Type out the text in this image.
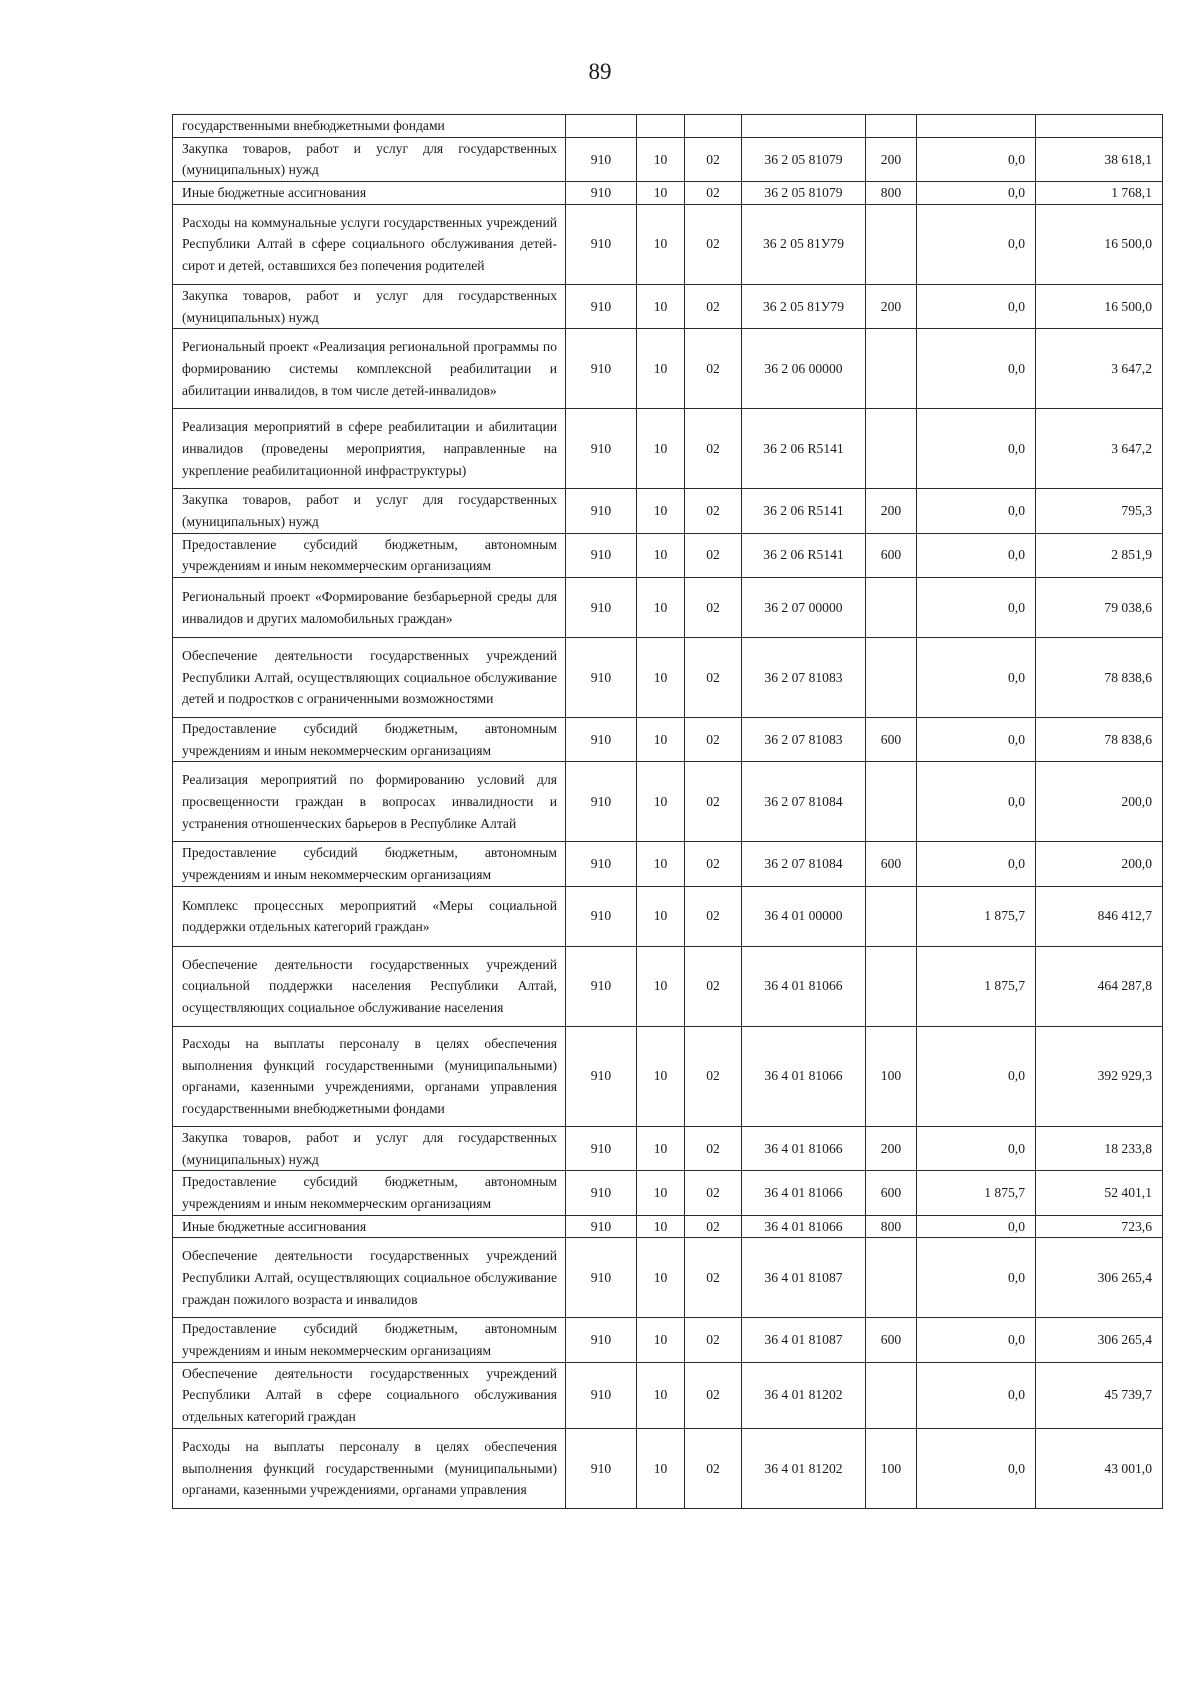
89
государственными внебюджетными фондами							
Закупка товаров, работ и услуг для государственных (муниципальных) нужд	910	10	02	36 2 05 81079	200	0,0	38 618,1
Иные бюджетные ассигнования	910	10	02	36 2 05 81079	800	0,0	1 768,1
Расходы на коммунальные услуги государственных учреждений Республики Алтай в сфере социального обслуживания детей-сирот и детей, оставшихся без попечения родителей	910	10	02	36 2 05 81У79		0,0	16 500,0
Закупка товаров, работ и услуг для государственных (муниципальных) нужд	910	10	02	36 2 05 81У79	200	0,0	16 500,0
Региональный проект «Реализация региональной программы по формированию системы комплексной реабилитации и абилитации инвалидов, в том числе детей-инвалидов»	910	10	02	36 2 06 00000		0,0	3 647,2
Реализация мероприятий в сфере реабилитации и абилитации инвалидов (проведены мероприятия, направленные на укрепление реабилитационной инфраструктуры)	910	10	02	36 2 06 R5141		0,0	3 647,2
Закупка товаров, работ и услуг для государственных (муниципальных) нужд	910	10	02	36 2 06 R5141	200	0,0	795,3
Предоставление субсидий бюджетным, автономным учреждениям и иным некоммерческим организациям	910	10	02	36 2 06 R5141	600	0,0	2 851,9
Региональный проект «Формирование безбарьерной среды для инвалидов и других маломобильных граждан»	910	10	02	36 2 07 00000		0,0	79 038,6
Обеспечение деятельности государственных учреждений Республики Алтай, осуществляющих социальное обслуживание детей и подростков с ограниченными возможностями	910	10	02	36 2 07 81083		0,0	78 838,6
Предоставление субсидий бюджетным, автономным учреждениям и иным некоммерческим организациям	910	10	02	36 2 07 81083	600	0,0	78 838,6
Реализация мероприятий по формированию условий для просвещенности граждан в вопросах инвалидности и устранения отношенческих барьеров в Республике Алтай	910	10	02	36 2 07 81084		0,0	200,0
Предоставление субсидий бюджетным, автономным учреждениям и иным некоммерческим организациям	910	10	02	36 2 07 81084	600	0,0	200,0
Комплекс процессных мероприятий «Меры социальной поддержки отдельных категорий граждан»	910	10	02	36 4 01 00000		1 875,7	846 412,7
Обеспечение деятельности государственных учреждений социальной поддержки населения Республики Алтай, осуществляющих социальное обслуживание населения	910	10	02	36 4 01 81066		1 875,7	464 287,8
Расходы на выплаты персоналу в целях обеспечения выполнения функций государственными (муниципальными) органами, казенными учреждениями, органами управления государственными внебюджетными фондами	910	10	02	36 4 01 81066	100	0,0	392 929,3
Закупка товаров, работ и услуг для государственных (муниципальных) нужд	910	10	02	36 4 01 81066	200	0,0	18 233,8
Предоставление субсидий бюджетным, автономным учреждениям и иным некоммерческим организациям	910	10	02	36 4 01 81066	600	1 875,7	52 401,1
Иные бюджетные ассигнования	910	10	02	36 4 01 81066	800	0,0	723,6
Обеспечение деятельности государственных учреждений Республики Алтай, осуществляющих социальное обслуживание граждан пожилого возраста и инвалидов	910	10	02	36 4 01 81087		0,0	306 265,4
Предоставление субсидий бюджетным, автономным учреждениям и иным некоммерческим организациям	910	10	02	36 4 01 81087	600	0,0	306 265,4
Обеспечение деятельности государственных учреждений Республики Алтай в сфере социального обслуживания отдельных категорий граждан	910	10	02	36 4 01 81202		0,0	45 739,7
Расходы на выплаты персоналу в целях обеспечения выполнения функций государственными (муниципальными) органами, казенными учреждениями, органами управления	910	10	02	36 4 01 81202	100	0,0	43 001,0
